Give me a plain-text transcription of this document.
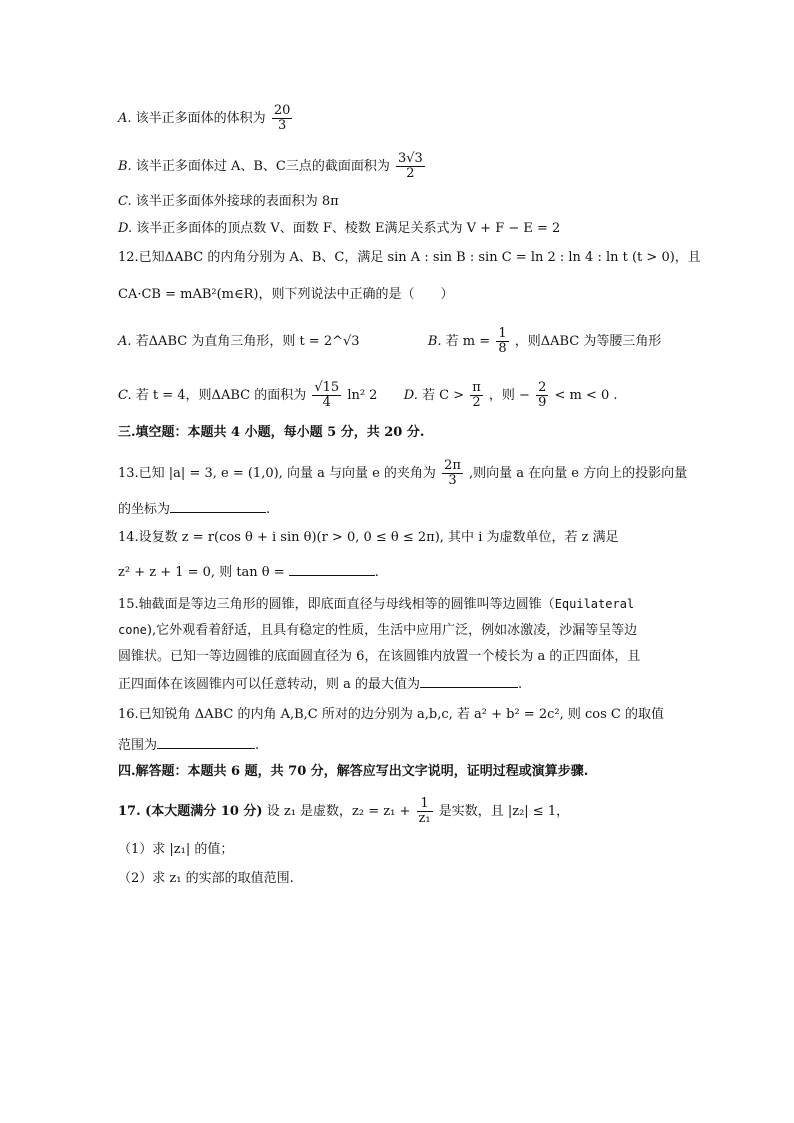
A. 该半正多面体的体积为 $\frac{20}{3}$
B. 该半正多面体过 A、B、C三点的截面面积为 $\frac{3√3}{2}$
C. 该半正多面体外接球的表面积为 8π
D. 该半正多面体的顶点数 V、面数 F、棱数 E满足关系式为 V + F − E = 2
12.已知ΔABC 的内角分别为 A、B、C，满足 sin A : sin B : sin C = ln 2 : ln 4 : ln t (t > 0)，且
CA·CB = mAB²(m∈R)，则下列说法中正确的是（　　）
A. 若ΔABC 为直角三角形，则 t = 2^√3	B. 若 $m = \frac{1}{8}$ ，则ΔABC 为等腰三角形
C. 若 t = 4，则ΔABC 的面积为 $\frac{√15}{4} \ln^2$ 2 D. 若 $C > \frac{\pi}{2}$ ，则 − $\frac{2}{9} < m < 0$ .
三.填空题：本题共 4 小题，每小题 5 分，共 20 分.
13.已知 |a| = 3, e = (1,0), 向量 a 与向量 e 的夹角为 $\frac{2\pi}{3}$ ,则向量 a 在向量 e 方向上的投影向量
的坐标为	.
14.设复数 z = r(cos θ + i sin θ)(r > 0, 0 ≤ θ ≤ 2π), 其中 i 为虚数单位，若 z 满足
z² + z + 1 = 0, 则 tan θ =	.
15.轴截面是等边三角形的圆锥，即底面直径与母线相等的圆锥叫等边圆锥（Equilateral
cone),它外观看着舒适，且具有稳定的性质，生活中应用广泛，例如冰激凌，沙漏等呈等边
圆锥状。已知一等边圆锥的底面圆直径为 6，在该圆锥内放置一个棱长为 a 的正四面体，且
正四面体在该圆锥内可以任意转动，则 a 的最大值为	.
16.已知锐角 ΔABC 的内角 A,B,C 所对的边分别为 a,b,c, 若 a² + b² = 2c², 则 cos C 的取值
范围为	.
四.解答题：本题共 6 题，共 70 分，解答应写出文字说明，证明过程或演算步骤.
17. (本大题满分 10 分) 设 z₁ 是虚数，$z_2 = z_1 + \frac{1}{\text{z₁}}$ 是实数，且 |z₂| ≤ 1，
（1）求 |z₁| 的值；
（2）求 z₁ 的实部的取值范围.
